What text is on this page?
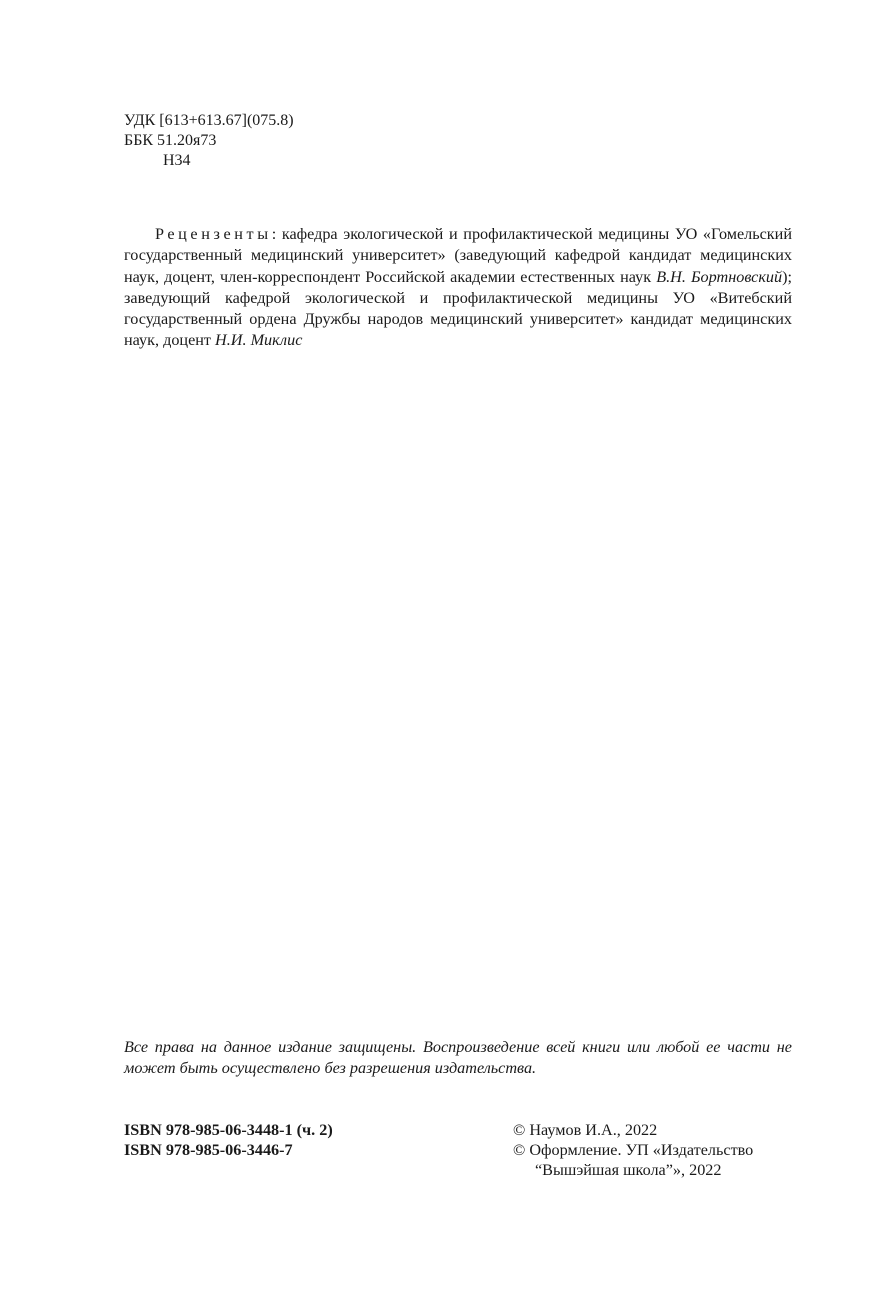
УДК [613+613.67](075.8)
ББК 51.20я73
Н34

Рецензенты: кафедра экологической и профилактической медицины УО «Гомельский государственный медицинский университет» (заведующий кафедрой кандидат медицинских наук, доцент, член-корреспондент Российской академии естественных наук В.Н. Бортновский); заведующий кафедрой экологической и профилактической медицины УО «Витебский государственный ордена Дружбы народов медицинский университет» кандидат медицинских наук, доцент Н.И. Миклис

Все права на данное издание защищены. Воспроизведение всей книги или любой ее части не может быть осуществлено без разрешения издательства.

ISBN 978-985-06-3448-1 (ч. 2)
ISBN 978-985-06-3446-7
© Наумов И.А., 2022
© Оформление. УП «Издательство
“Вышэйшая школа”», 2022
